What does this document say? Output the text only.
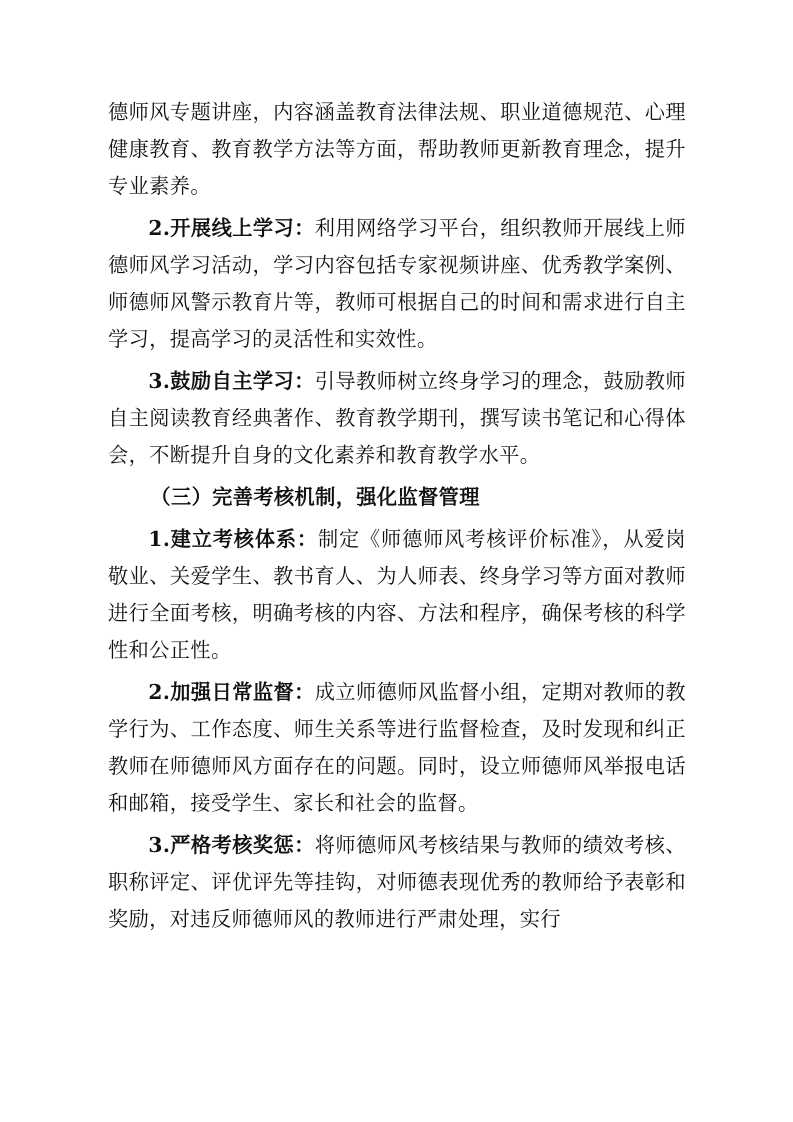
德师风专题讲座，内容涵盖教育法律法规、职业道德规范、心理健康教育、教育教学方法等方面，帮助教师更新教育理念，提升专业素养。

2.开展线上学习：利用网络学习平台，组织教师开展线上师德师风学习活动，学习内容包括专家视频讲座、优秀教学案例、师德师风警示教育片等，教师可根据自己的时间和需求进行自主学习，提高学习的灵活性和实效性。

3.鼓励自主学习：引导教师树立终身学习的理念，鼓励教师自主阅读教育经典著作、教育教学期刊，撰写读书笔记和心得体会，不断提升自身的文化素养和教育教学水平。

（三）完善考核机制，强化监督管理

1.建立考核体系：制定《师德师风考核评价标准》，从爱岗敬业、关爱学生、教书育人、为人师表、终身学习等方面对教师进行全面考核，明确考核的内容、方法和程序，确保考核的科学性和公正性。

2.加强日常监督：成立师德师风监督小组，定期对教师的教学行为、工作态度、师生关系等进行监督检查，及时发现和纠正教师在师德师风方面存在的问题。同时，设立师德师风举报电话和邮箱，接受学生、家长和社会的监督。

3.严格考核奖惩：将师德师风考核结果与教师的绩效考核、职称评定、评优评先等挂钩，对师德表现优秀的教师给予表彰和奖励，对违反师德师风的教师进行严肃处理，实行
